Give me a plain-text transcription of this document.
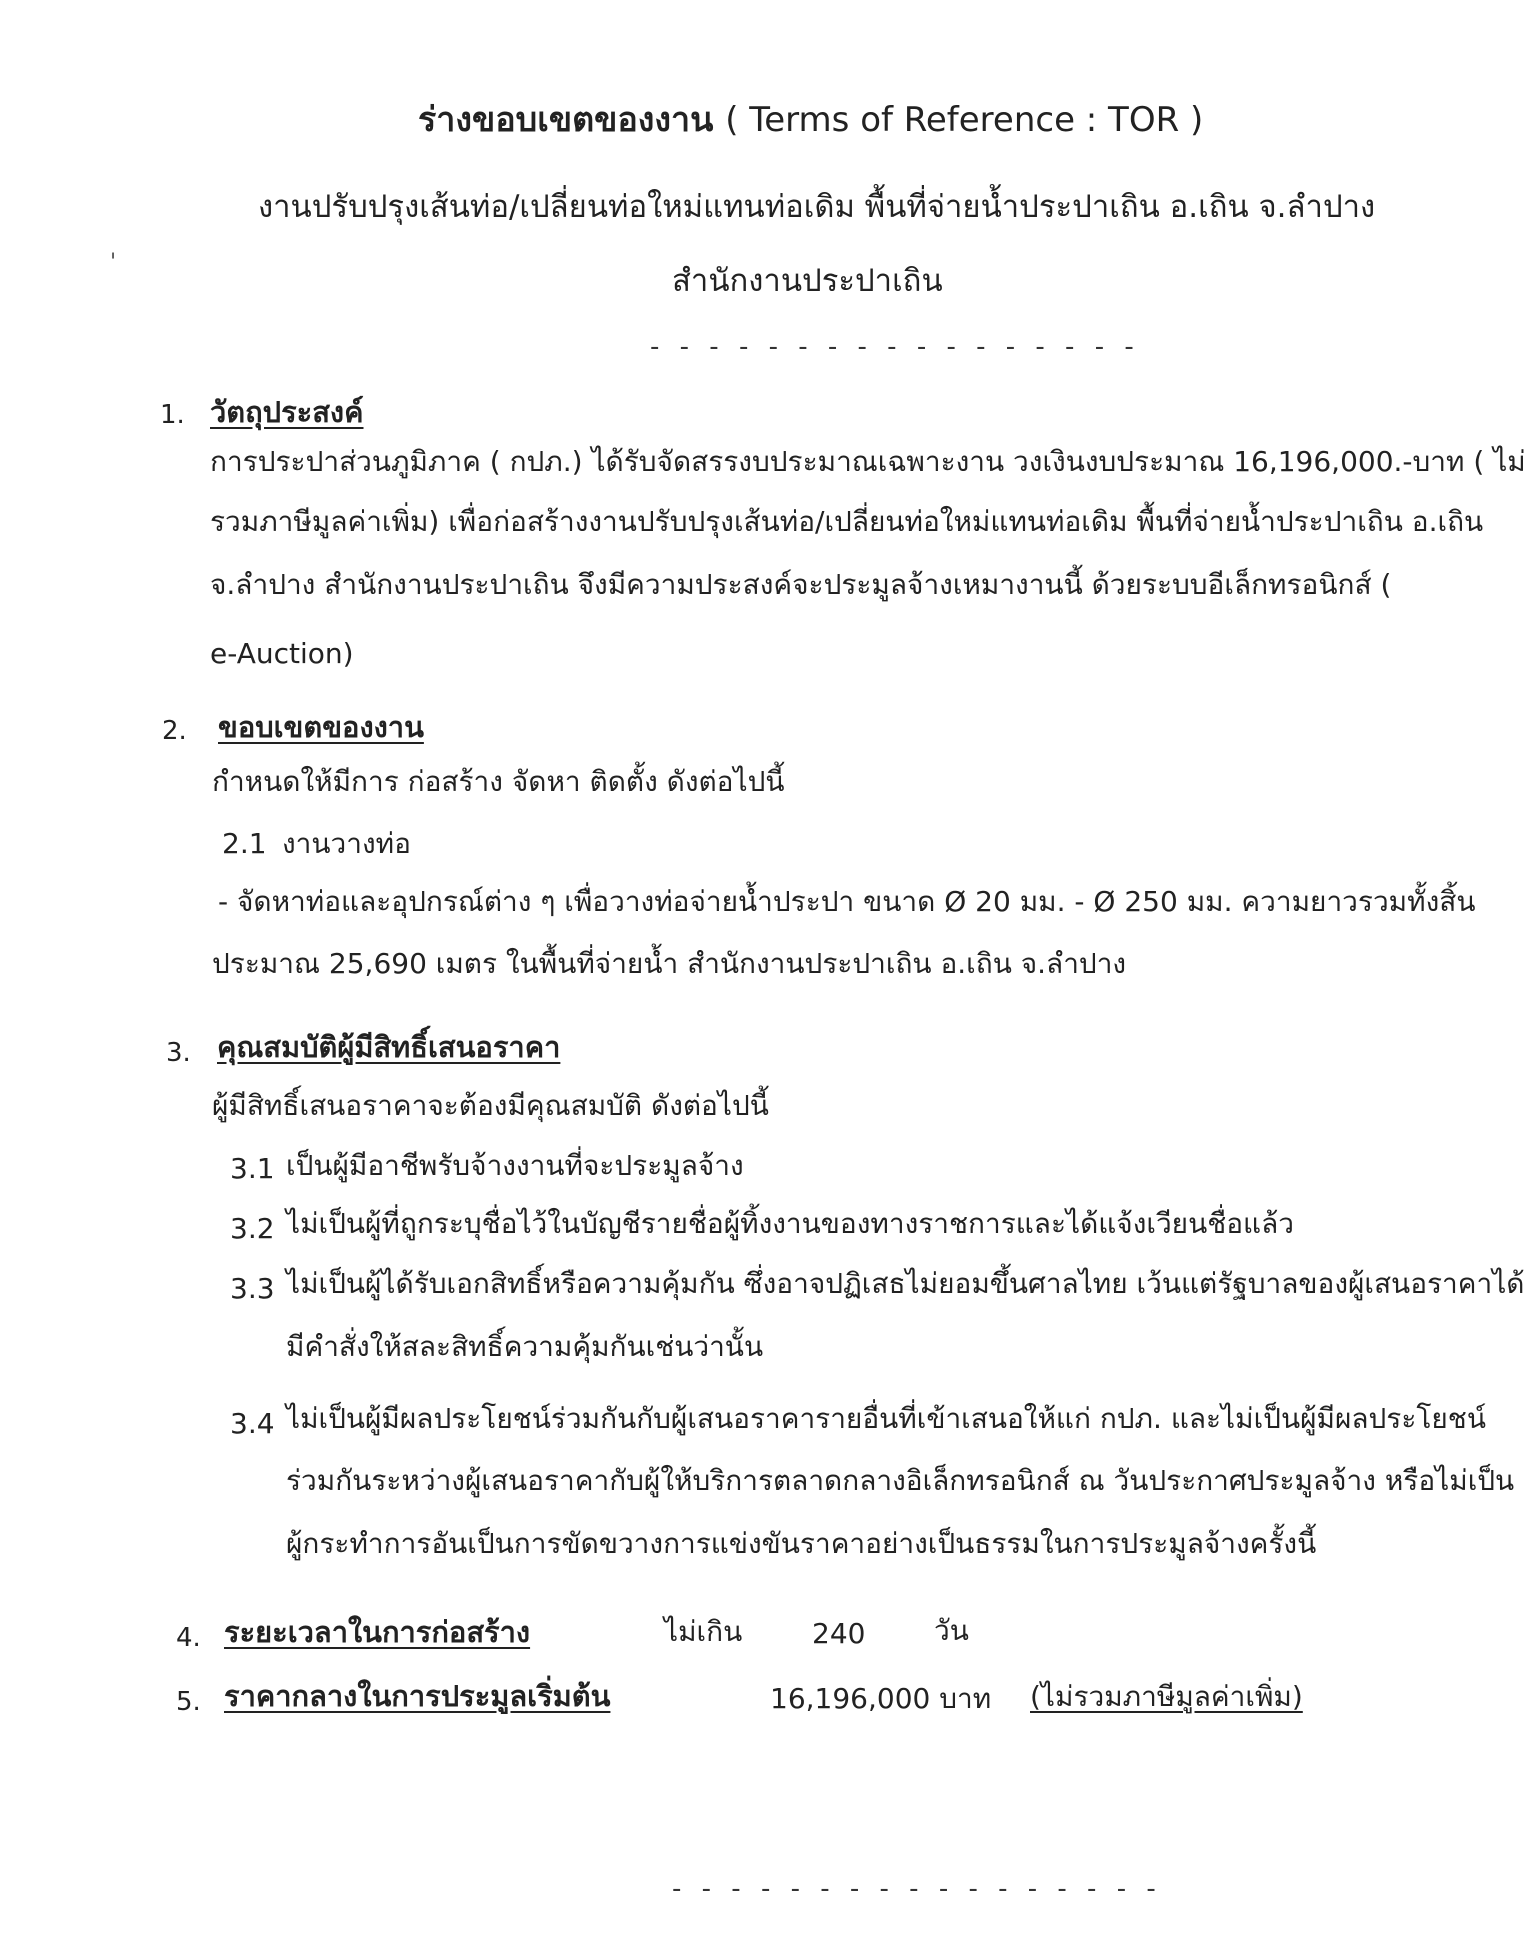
ร่างขอบเขตของงาน ( Terms of Reference : TOR )
งานปรับปรุงเส้นท่อ/เปลี่ยนท่อใหม่แทนท่อเดิม พื้นที่จ่ายน้ำประปาเถิน อ.เถิน จ.ลำปาง
สำนักงานประปาเถิน
- - - - - - - - - - - - - - - - -
'
1. วัตถุประสงค์
การประปาส่วนภูมิภาค ( กปภ.) ได้รับจัดสรรงบประมาณเฉพาะงาน วงเงินงบประมาณ 16,196,000.-บาท ( ไม่
รวมภาษีมูลค่าเพิ่ม) เพื่อก่อสร้างงานปรับปรุงเส้นท่อ/เปลี่ยนท่อใหม่แทนท่อเดิม พื้นที่จ่ายน้ำประปาเถิน อ.เถิน
จ.ลำปาง สำนักงานประปาเถิน จึงมีความประสงค์จะประมูลจ้างเหมางานนี้ ด้วยระบบอีเล็กทรอนิกส์ (
e-Auction)
2. ขอบเขตของงาน
กำหนดให้มีการ ก่อสร้าง จัดหา ติดตั้ง ดังต่อไปนี้
2.1 งานวางท่อ
- จัดหาท่อและอุปกรณ์ต่าง ๆ เพื่อวางท่อจ่ายน้ำประปา ขนาด Ø 20 มม. - Ø 250 มม. ความยาวรวมทั้งสิ้น
ประมาณ 25,690 เมตร ในพื้นที่จ่ายน้ำ สำนักงานประปาเถิน อ.เถิน จ.ลำปาง
3. คุณสมบัติผู้มีสิทธิ์เสนอราคา
ผู้มีสิทธิ์เสนอราคาจะต้องมีคุณสมบัติ ดังต่อไปนี้
3.1 เป็นผู้มีอาชีพรับจ้างงานที่จะประมูลจ้าง
3.2 ไม่เป็นผู้ที่ถูกระบุชื่อไว้ในบัญชีรายชื่อผู้ทิ้งงานของทางราชการและได้แจ้งเวียนชื่อแล้ว
3.3 ไม่เป็นผู้ได้รับเอกสิทธิ์หรือความคุ้มกัน ซึ่งอาจปฏิเสธไม่ยอมขึ้นศาลไทย เว้นแต่รัฐบาลของผู้เสนอราคาได้
มีคำสั่งให้สละสิทธิ์ความคุ้มกันเช่นว่านั้น
3.4 ไม่เป็นผู้มีผลประโยชน์ร่วมกันกับผู้เสนอราคารายอื่นที่เข้าเสนอให้แก่ กปภ. และไม่เป็นผู้มีผลประโยชน์
ร่วมกันระหว่างผู้เสนอราคากับผู้ให้บริการตลาดกลางอิเล็กทรอนิกส์ ณ วันประกาศประมูลจ้าง หรือไม่เป็น
ผู้กระทำการอันเป็นการขัดขวางการแข่งขันราคาอย่างเป็นธรรมในการประมูลจ้างครั้งนี้
4. ระยะเวลาในการก่อสร้าง	ไม่เกิน 240 วัน
5. ราคากลางในการประมูลเริ่มต้น	16,196,000 บาท (ไม่รวมภาษีมูลค่าเพิ่ม)
- - - - - - - - - - - - - - - - -
